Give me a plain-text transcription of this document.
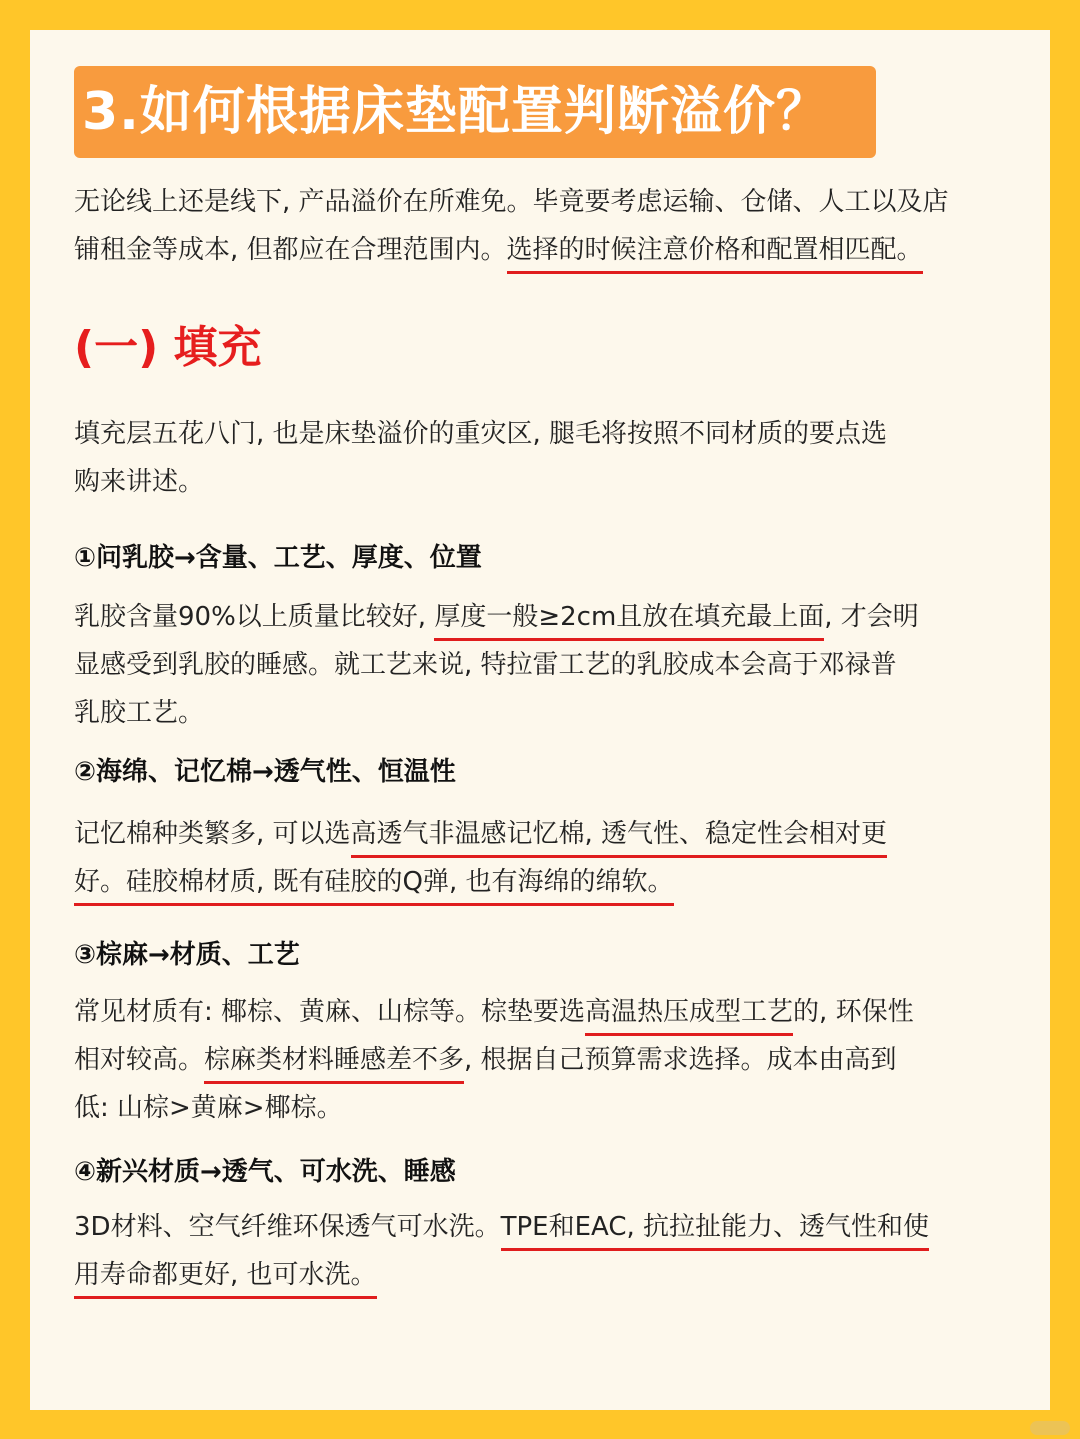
3.如何根据床垫配置判断溢价？
无论线上还是线下, 产品溢价在所难免。毕竟要考虑运输、仓储、人工以及店
铺租金等成本, 但都应在合理范围内。选择的时候注意价格和配置相匹配。
(一) 填充
填充层五花八门, 也是床垫溢价的重灾区, 腿毛将按照不同材质的要点选
购来讲述。
①问乳胶→含量、工艺、厚度、位置
乳胶含量90%以上质量比较好, 厚度一般≥2cm且放在填充最上面, 才会明
显感受到乳胶的睡感。就工艺来说, 特拉雷工艺的乳胶成本会高于邓禄普
乳胶工艺。
②海绵、记忆棉→透气性、恒温性
记忆棉种类繁多, 可以选高透气非温感记忆棉, 透气性、稳定性会相对更
好。硅胶棉材质, 既有硅胶的Q弹, 也有海绵的绵软。
③棕麻→材质、工艺
常见材质有: 椰棕、黄麻、山棕等。棕垫要选高温热压成型工艺的, 环保性
相对较高。棕麻类材料睡感差不多, 根据自己预算需求选择。成本由高到
低: 山棕>黄麻>椰棕。
④新兴材质→透气、可水洗、睡感
3D材料、空气纤维环保透气可水洗。TPE和EAC, 抗拉扯能力、透气性和使
用寿命都更好, 也可水洗。
